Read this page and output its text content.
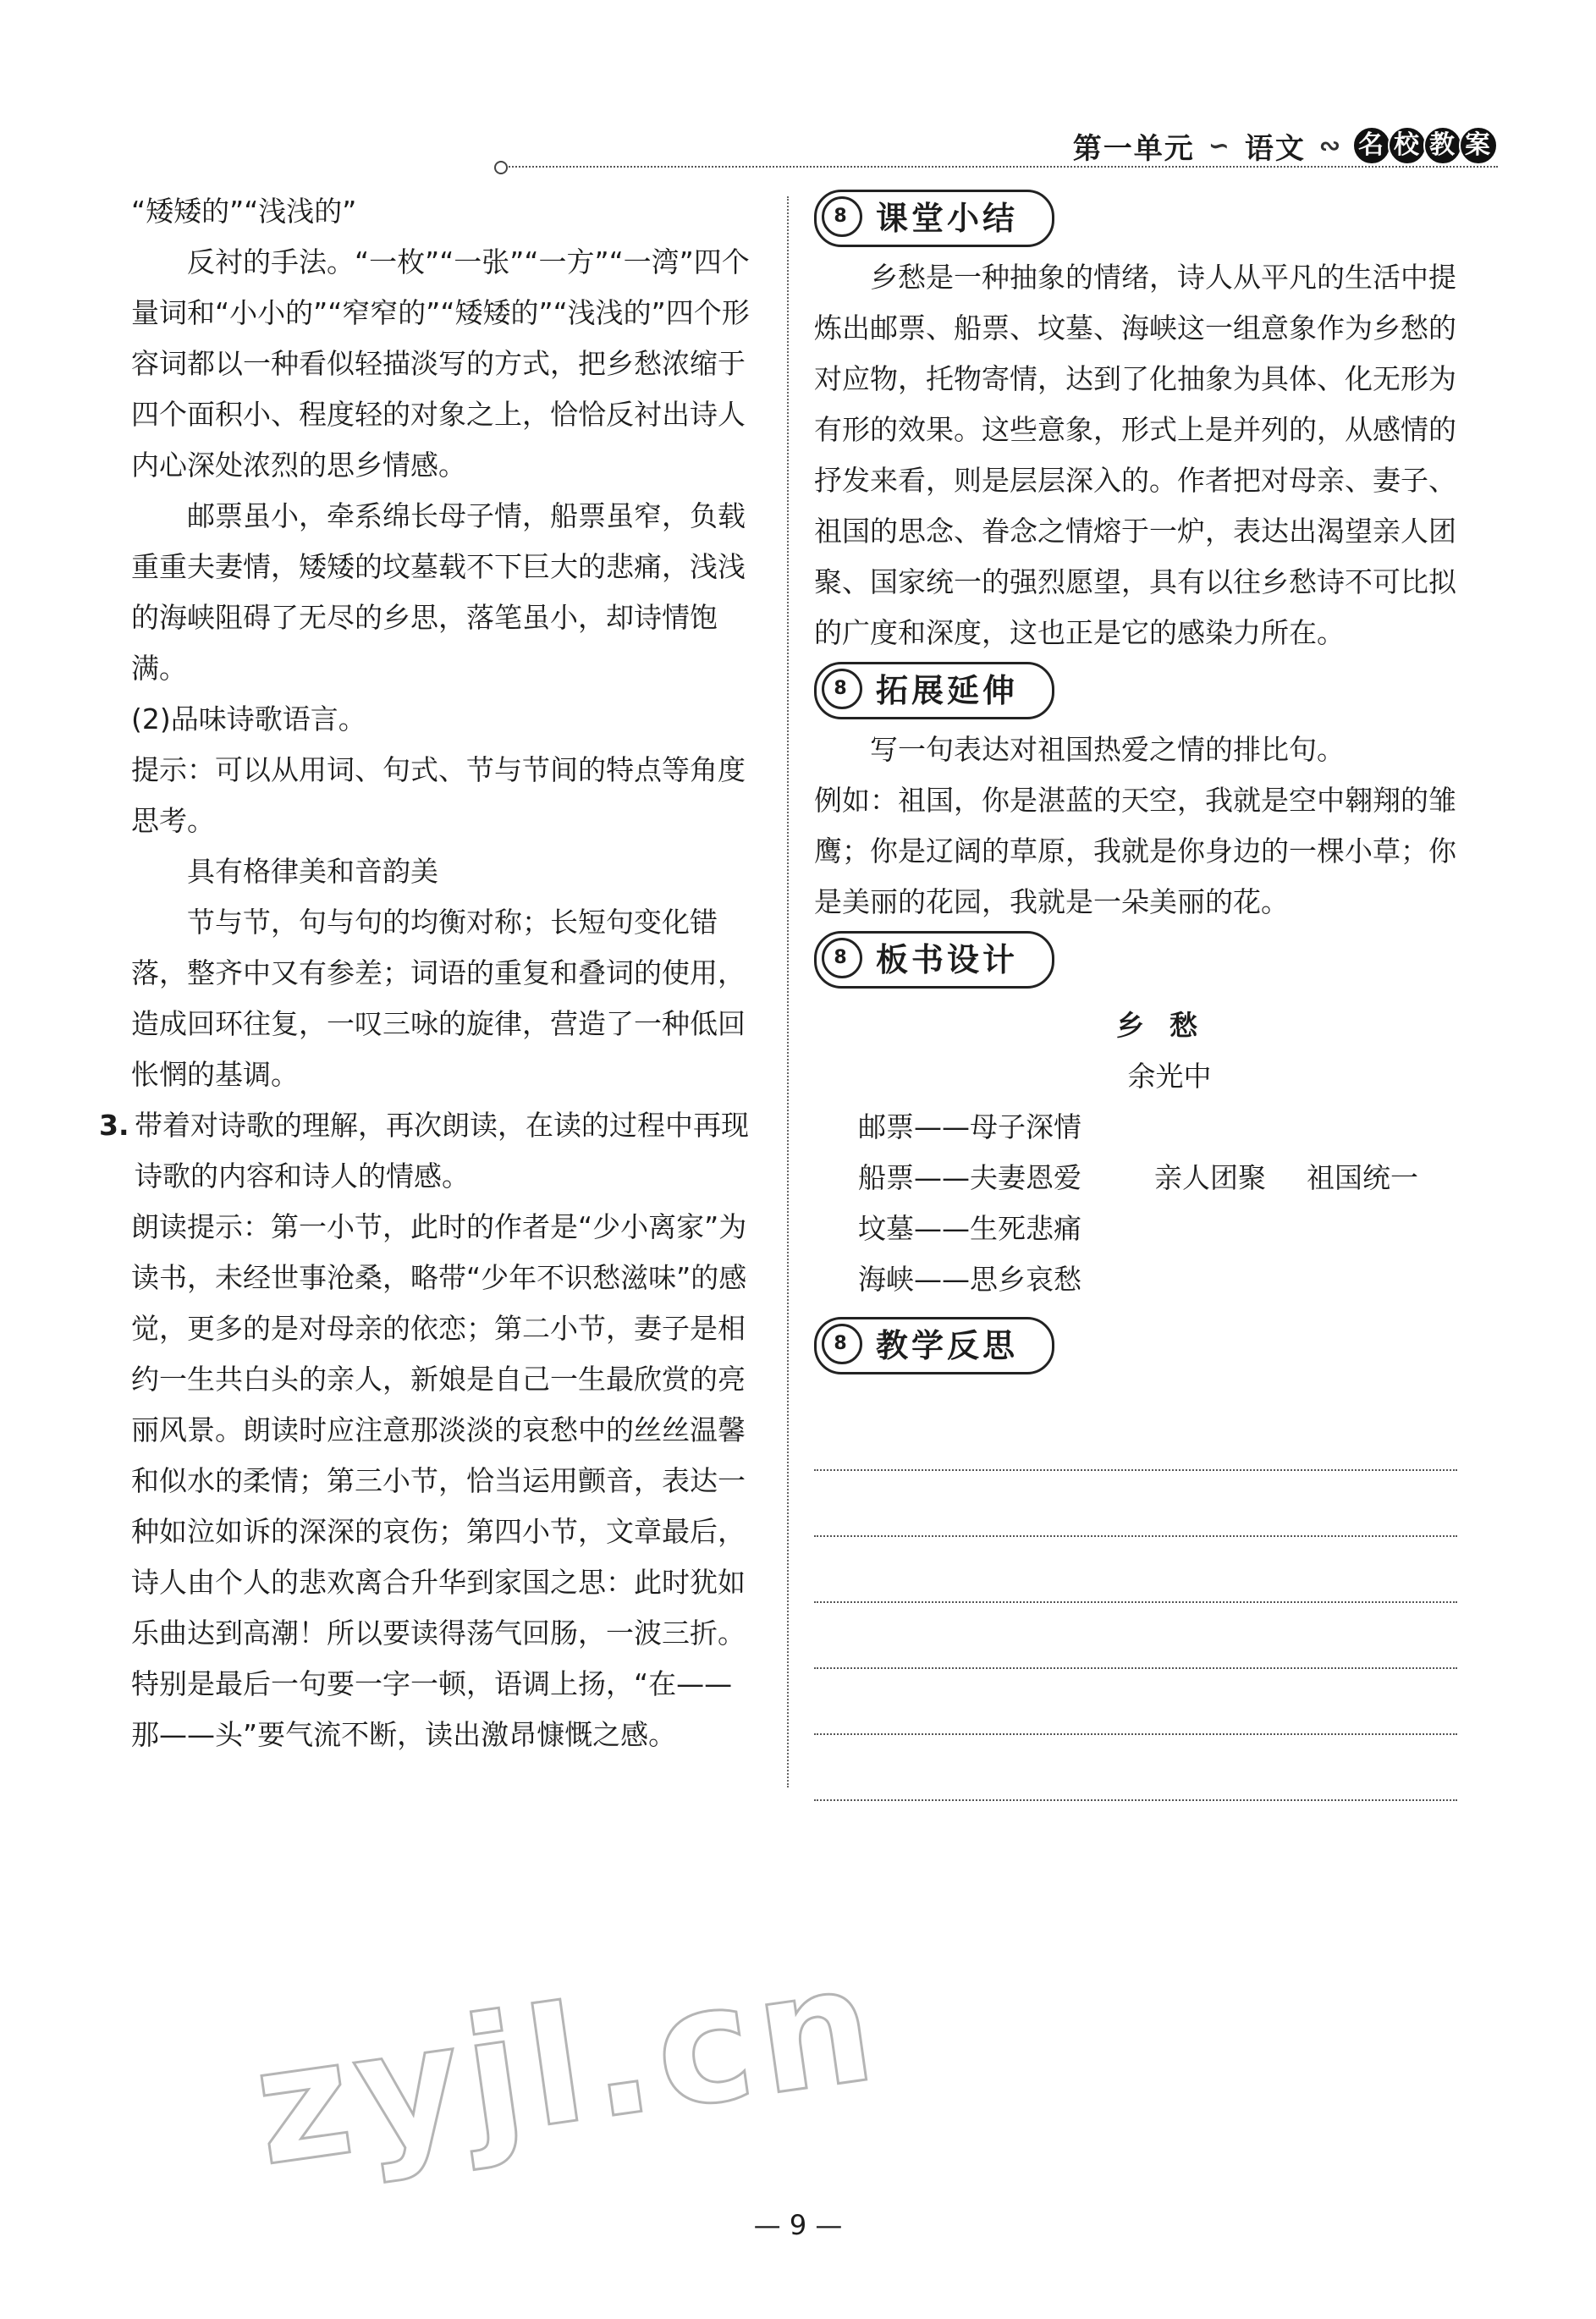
第一单元 ∽ 语文 ∾ 名 校 教 案

“矮矮的”“浅浅的”

反衬的手法。“一枚”“一张”“一方”“一湾”四个量词和“小小的”“窄窄的”“矮矮的”“浅浅的”四个形容词都以一种看似轻描淡写的方式，把乡愁浓缩于四个面积小、程度轻的对象之上，恰恰反衬出诗人内心深处浓烈的思乡情感。

邮票虽小，牵系绵长母子情，船票虽窄，负载重重夫妻情，矮矮的坟墓载不下巨大的悲痛，浅浅的海峡阻碍了无尽的乡思，落笔虽小，却诗情饱满。

(2)品味诗歌语言。

提示：可以从用词、句式、节与节间的特点等角度思考。

具有格律美和音韵美

节与节，句与句的均衡对称；长短句变化错落，整齐中又有参差；词语的重复和叠词的使用，造成回环往复，一叹三咏的旋律，营造了一种低回怅惘的基调。

3. 带着对诗歌的理解，再次朗读，在读的过程中再现诗歌的内容和诗人的情感。

朗读提示：第一小节，此时的作者是“少小离家”为读书，未经世事沧桑，略带“少年不识愁滋味”的感觉，更多的是对母亲的依恋；第二小节，妻子是相约一生共白头的亲人，新娘是自己一生最欣赏的亮丽风景。朗读时应注意那淡淡的哀愁中的丝丝温馨和似水的柔情；第三小节，恰当运用颤音，表达一种如泣如诉的深深的哀伤；第四小节，文章最后，诗人由个人的悲欢离合升华到家国之思：此时犹如乐曲达到高潮！所以要读得荡气回肠，一波三折。特别是最后一句要一字一顿，语调上扬，“在——那——头”要气流不断，读出激昂慷慨之感。

8 课堂小结

乡愁是一种抽象的情绪，诗人从平凡的生活中提炼出邮票、船票、坟墓、海峡这一组意象作为乡愁的对应物，托物寄情，达到了化抽象为具体、化无形为有形的效果。这些意象，形式上是并列的，从感情的抒发来看，则是层层深入的。作者把对母亲、妻子、祖国的思念、眷念之情熔于一炉，表达出渴望亲人团聚、国家统一的强烈愿望，具有以往乡愁诗不可比拟的广度和深度，这也正是它的感染力所在。

8 拓展延伸

写一句表达对祖国热爱之情的排比句。

例如：祖国，你是湛蓝的天空，我就是空中翱翔的雏鹰；你是辽阔的草原，我就是你身边的一棵小草；你是美丽的花园，我就是一朵美丽的花。

8 板书设计

乡愁

余光中

邮票——母子深情
船票——夫妻恩爱	亲人团聚	祖国统一
坟墓——生死悲痛
海峡——思乡哀愁
8 教学反思
zyjl.cn
— 9 —
